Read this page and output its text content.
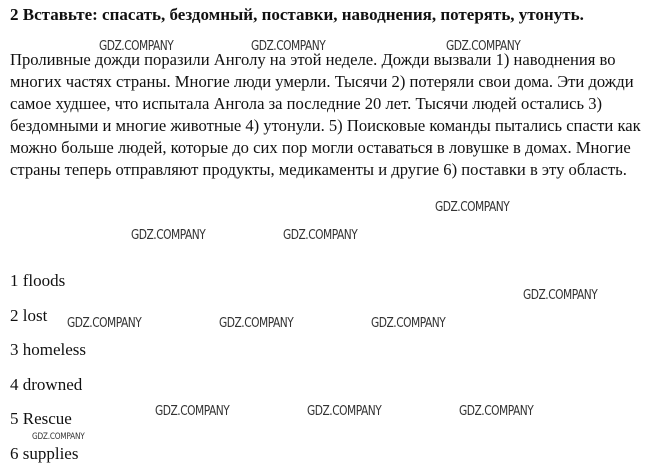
2 Вставьте: спасать, бездомный, поставки, наводнения, потерять, утонуть.
Проливные дожди поразили Анголу на этой неделе. Дожди вызвали 1) наводнения во многих частях страны. Многие люди умерли. Тысячи 2) потеряли свои дома. Эти дожди самое худшее, что испытала Ангола за последние 20 лет. Тысячи людей остались 3) бездомными и многие животные 4) утонули. 5) Поисковые команды пытались спасти как можно больше людей, которые до сих пор могли оставаться в ловушке в домах. Многие страны теперь отправляют продукты, медикаменты и другие 6) поставки в эту область.
1 floods
2 lost
3 homeless
4 drowned
5 Rescue
6 supplies
GDZ.COMPANY	GDZ.COMPANY	GDZ.COMPANY
GDZ.COMPANY
GDZ.COMPANY	GDZ.COMPANY
GDZ.COMPANY
GDZ.COMPANY	GDZ.COMPANY	GDZ.COMPANY
GDZ.COMPANY	GDZ.COMPANY	GDZ.COMPANY
GDZ.COMPANY
